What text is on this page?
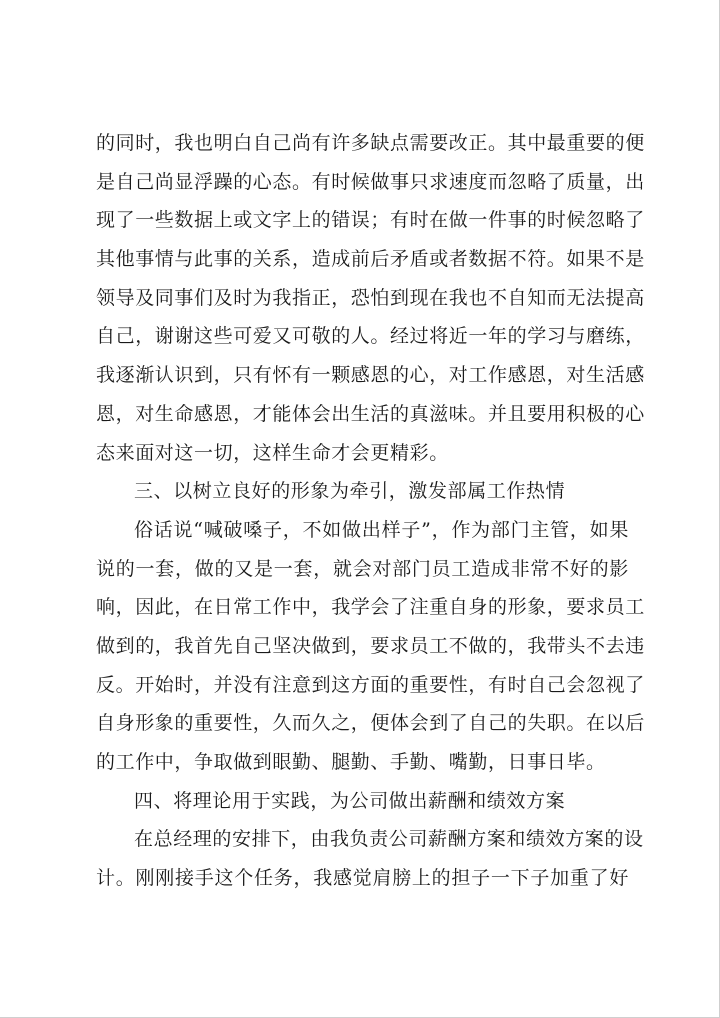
的同时，我也明白自己尚有许多缺点需要改正。其中最重要的便
是自己尚显浮躁的心态。有时候做事只求速度而忽略了质量，出
现了一些数据上或文字上的错误；有时在做一件事的时候忽略了
其他事情与此事的关系，造成前后矛盾或者数据不符。如果不是
领导及同事们及时为我指正，恐怕到现在我也不自知而无法提高
自己，谢谢这些可爱又可敬的人。经过将近一年的学习与磨练，
我逐渐认识到，只有怀有一颗感恩的心，对工作感恩，对生活感
恩，对生命感恩，才能体会出生活的真滋味。并且要用积极的心
态来面对这一切，这样生命才会更精彩。
三、以树立良好的形象为牵引，激发部属工作热情
俗话说“喊破嗓子，不如做出样子”，作为部门主管，如果
说的一套，做的又是一套，就会对部门员工造成非常不好的影
响，因此，在日常工作中，我学会了注重自身的形象，要求员工
做到的，我首先自己坚决做到，要求员工不做的，我带头不去违
反。开始时，并没有注意到这方面的重要性，有时自己会忽视了
自身形象的重要性，久而久之，便体会到了自己的失职。在以后
的工作中，争取做到眼勤、腿勤、手勤、嘴勤，日事日毕。
四、将理论用于实践，为公司做出薪酬和绩效方案
在总经理的安排下，由我负责公司薪酬方案和绩效方案的设
计。刚刚接手这个任务，我感觉肩膀上的担子一下子加重了好
